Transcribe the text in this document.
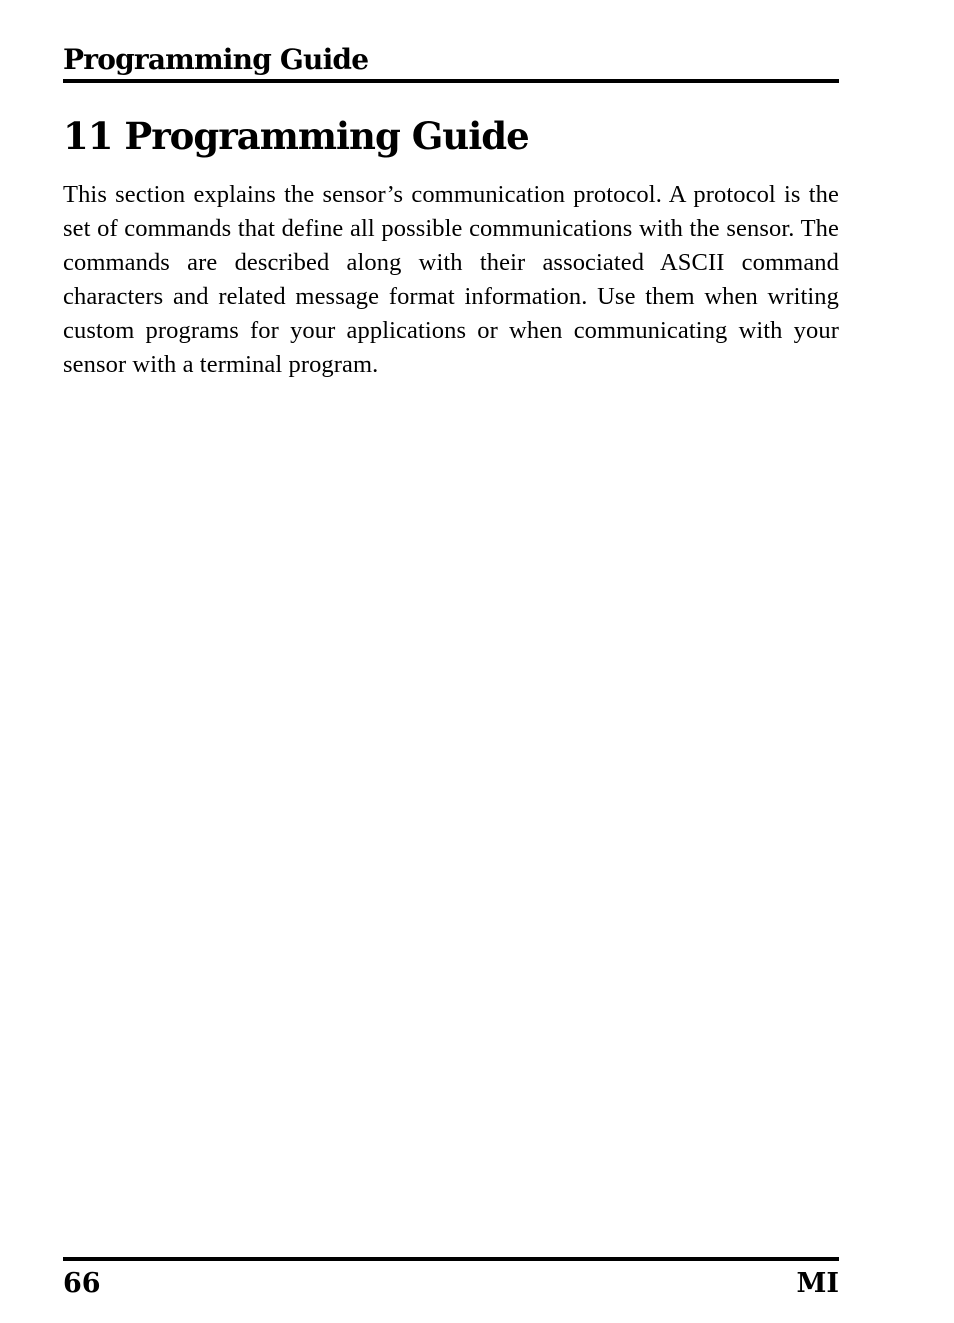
Programming Guide
11 Programming Guide

This section explains the sensor’s communication protocol. A protocol is the set of commands that define all possible communications with the sensor. The commands are described along with their associated ASCII command characters and related message format information. Use them when writing custom programs for your applications or when communicating with your sensor with a terminal program.

66	MI
